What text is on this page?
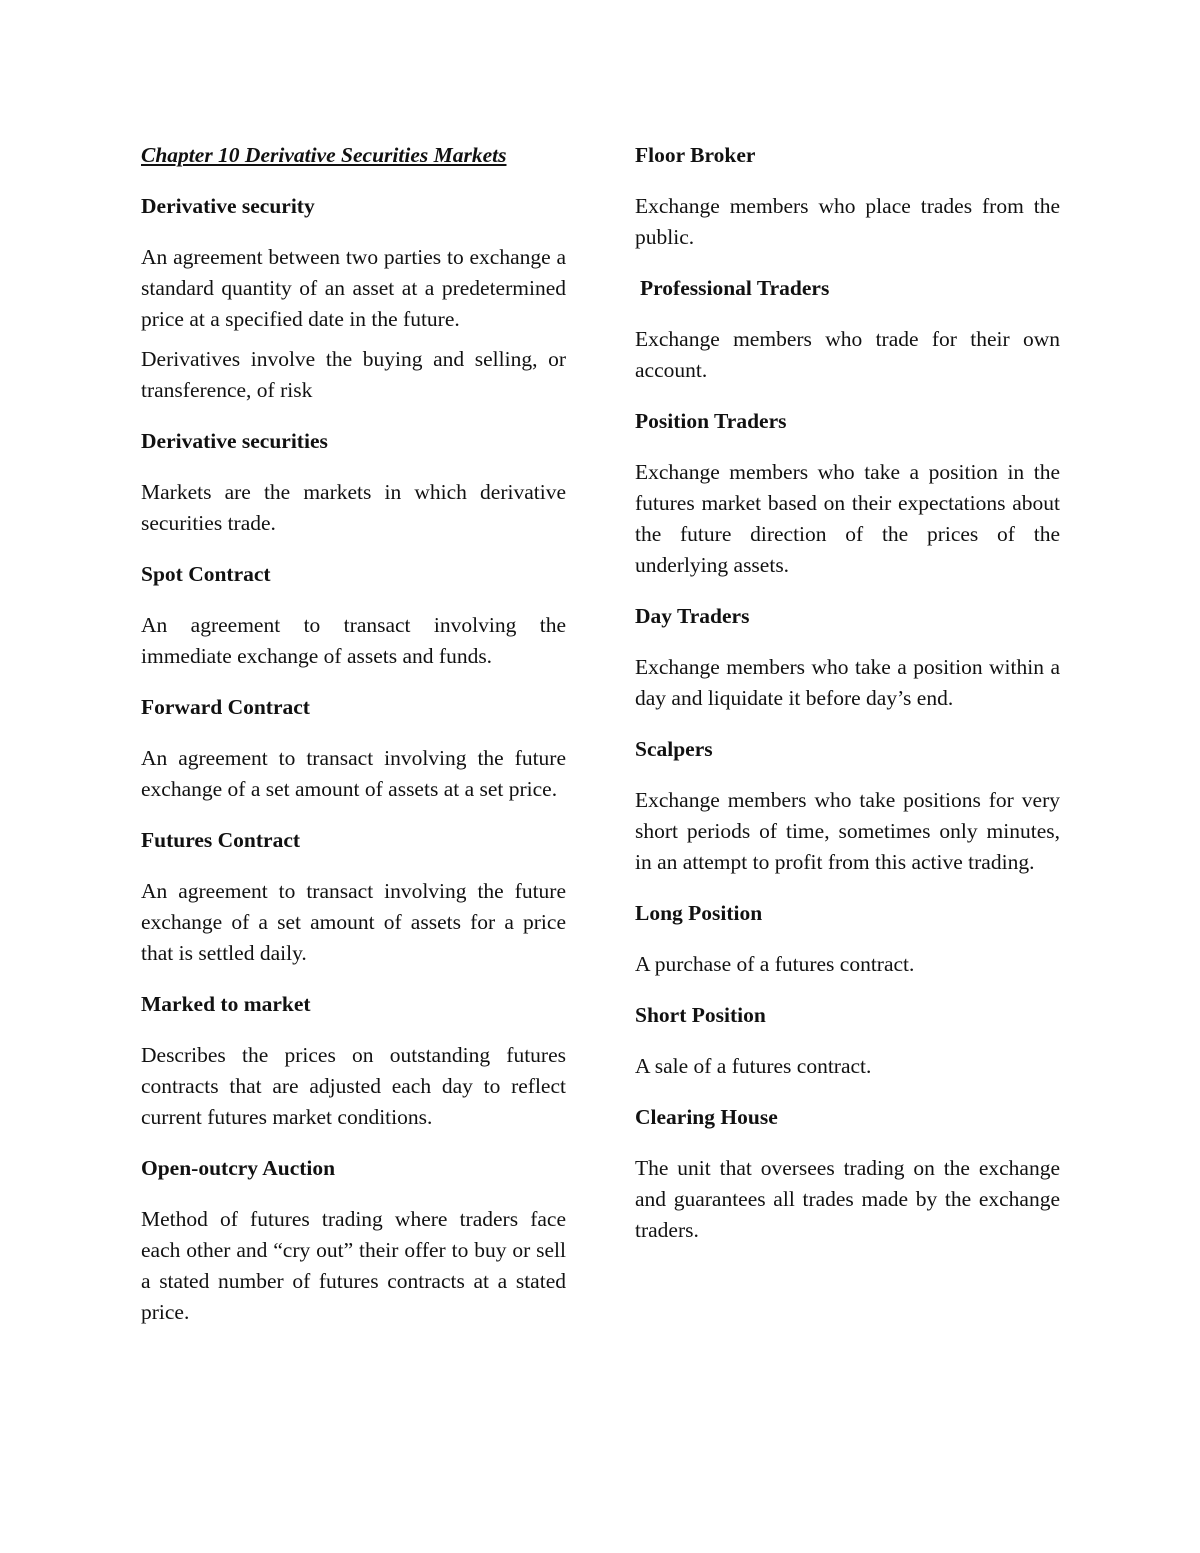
Chapter 10 Derivative Securities Markets
Derivative security
An agreement between two parties to exchange a standard quantity of an asset at a predetermined price at a specified date in the future.
Derivatives involve the buying and selling, or transference, of risk
Derivative securities
Markets are the markets in which derivative securities trade.
Spot Contract
An agreement to transact involving the immediate exchange of assets and funds.
Forward Contract
An agreement to transact involving the future exchange of a set amount of assets at a set price.
Futures Contract
An agreement to transact involving the future exchange of a set amount of assets for a price that is settled daily.
Marked to market
Describes the prices on outstanding futures contracts that are adjusted each day to reflect current futures market conditions.
Open-outcry Auction
Method of futures trading where traders face each other and “cry out” their offer to buy or sell a stated number of futures contracts at a stated price.
Floor Broker
Exchange members who place trades from the public.
Professional Traders
Exchange members who trade for their own account.
Position Traders
Exchange members who take a position in the futures market based on their expectations about the future direction of the prices of the underlying assets.
Day Traders
Exchange members who take a position within a day and liquidate it before day’s end.
Scalpers
Exchange members who take positions for very short periods of time, sometimes only minutes, in an attempt to profit from this active trading.
Long Position
A purchase of a futures contract.
Short Position
A sale of a futures contract.
Clearing House
The unit that oversees trading on the exchange and guarantees all trades made by the exchange traders.
